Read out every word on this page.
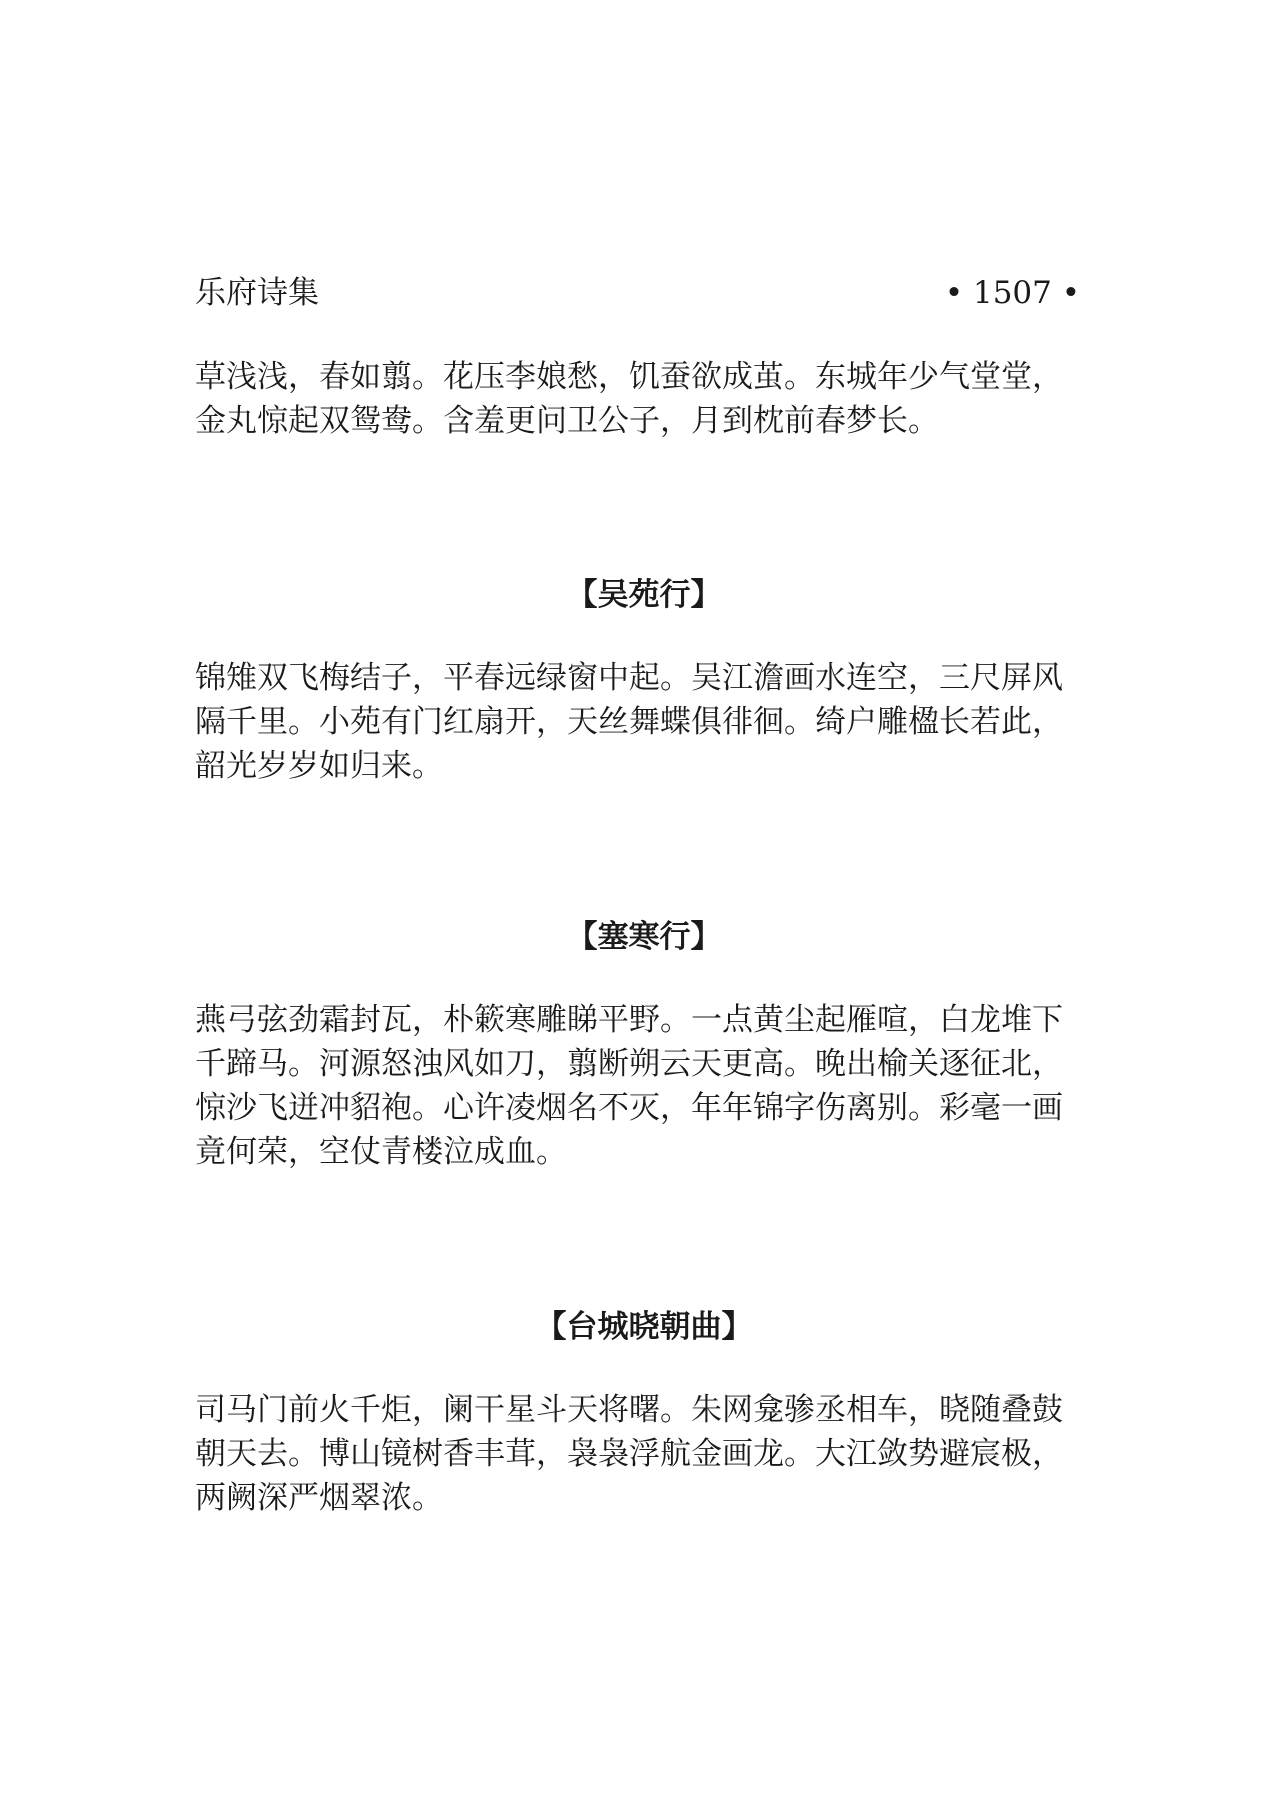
乐府诗集	• 1507 •

草浅浅，春如翦。花压李娘愁，饥蚕欲成茧。东城年少气堂堂，金丸惊起双鸳鸯。含羞更问卫公子，月到枕前春梦长。

【吴苑行】

锦雉双飞梅结子，平春远绿窗中起。吴江澹画水连空，三尺屏风隔千里。小苑有门红扇开，天丝舞蝶俱徘徊。绮户雕楹长若此，韶光岁岁如归来。

【塞寒行】

燕弓弦劲霜封瓦，朴簌寒雕睇平野。一点黄尘起雁喧，白龙堆下千蹄马。河源怒浊风如刀，翦断朔云天更高。晚出榆关逐征北，惊沙飞迸冲貂袍。心许凌烟名不灭，年年锦字伤离别。彩毫一画竟何荣，空仗青楼泣成血。

【台城晓朝曲】

司马门前火千炬，阑干星斗天将曙。朱网龛骖丞相车，晓随叠鼓朝天去。博山镜树香丰茸，袅袅浮航金画龙。大江敛势避宸极，两阙深严烟翠浓。
